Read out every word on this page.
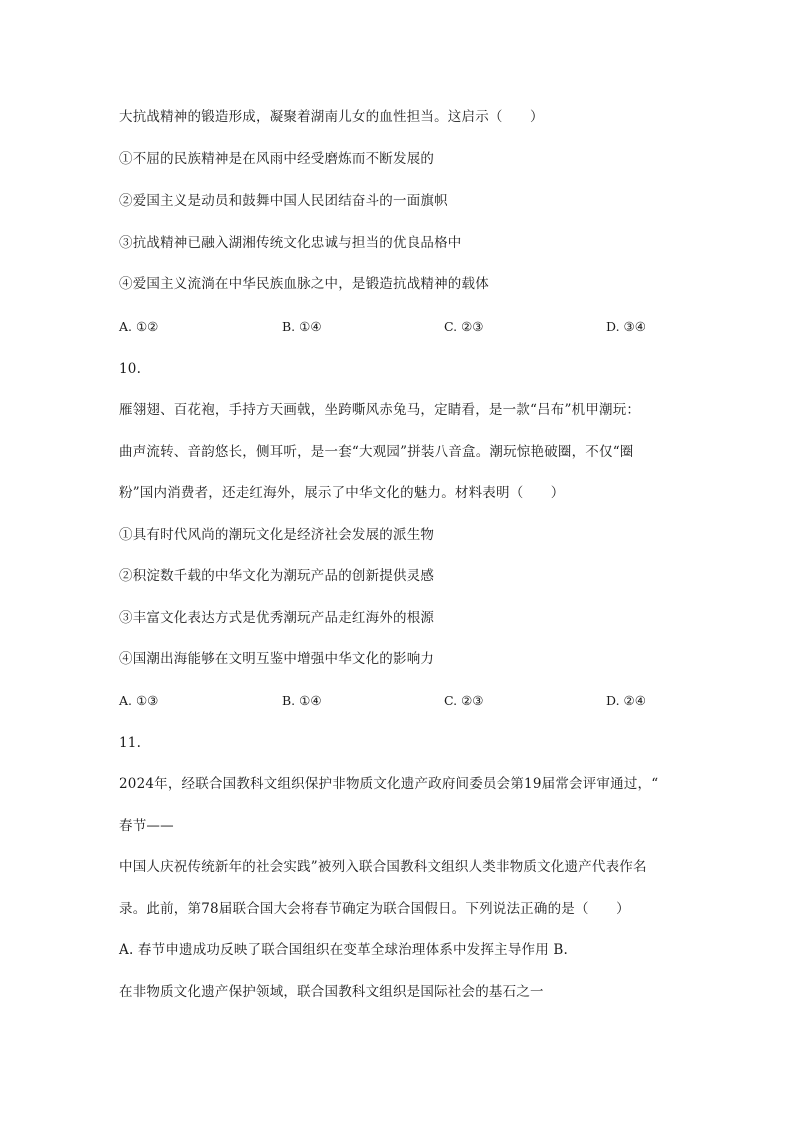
大抗战精神的锻造形成，凝聚着湖南儿女的血性担当。这启示（　　）
①不屈的民族精神是在风雨中经受磨炼而不断发展的
②爱国主义是动员和鼓舞中国人民团结奋斗的一面旗帜
③抗战精神已融入湖湘传统文化忠诚与担当的优良品格中
④爱国主义流淌在中华民族血脉之中，是锻造抗战精神的载体
A. ①②	B. ①④	C. ②③	D. ③④
10.
雁翎翅、百花袍，手持方天画戟，坐跨嘶风赤兔马，定睛看，是一款“吕布”机甲潮玩：
曲声流转、音韵悠长，侧耳听，是一套“大观园”拼装八音盒。潮玩惊艳破圈，不仅“圈
粉”国内消费者，还走红海外，展示了中华文化的魅力。材料表明（　　）
①具有时代风尚的潮玩文化是经济社会发展的派生物
②积淀数千载的中华文化为潮玩产品的创新提供灵感
③丰富文化表达方式是优秀潮玩产品走红海外的根源
④国潮出海能够在文明互鉴中增强中华文化的影响力
A. ①③	B. ①④	C. ②③	D. ②④
11.
2024年，经联合国教科文组织保护非物质文化遗产政府间委员会第19届常会评审通过，“
春节——
中国人庆祝传统新年的社会实践”被列入联合国教科文组织人类非物质文化遗产代表作名
录。此前，第78届联合国大会将春节确定为联合国假日。下列说法正确的是（　　）
A. 春节申遗成功反映了联合国组织在变革全球治理体系中发挥主导作用 B.
在非物质文化遗产保护领域，联合国教科文组织是国际社会的基石之一
